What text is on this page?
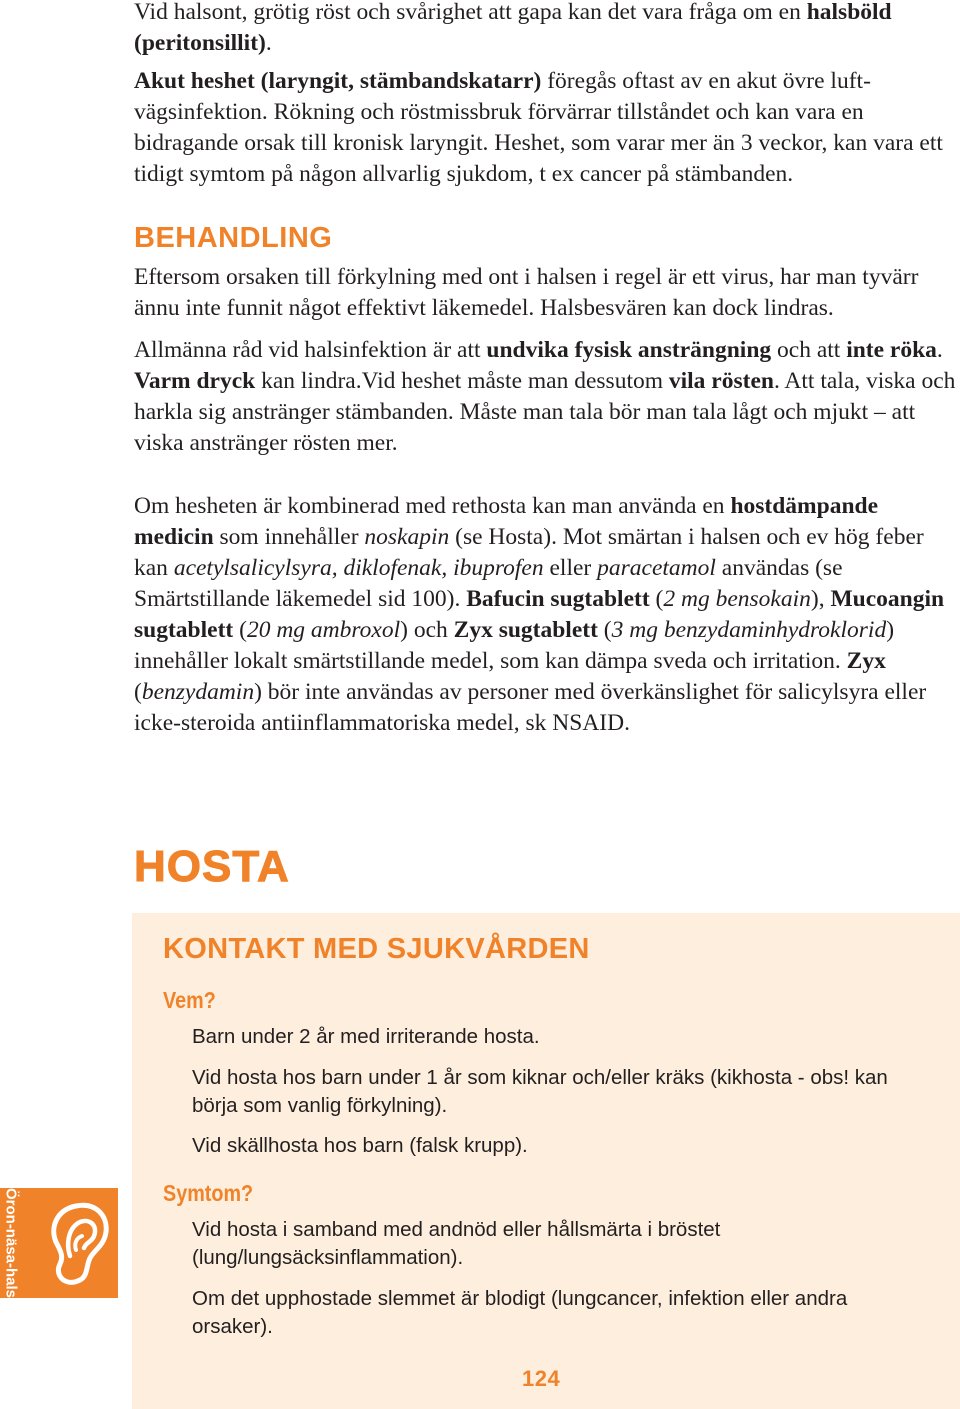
Vid halsont, grötig röst och svårighet att gapa kan det vara fråga om en halsböld (peritonsillit).

Akut heshet (laryngit, stämbandskatarr) föregås oftast av en akut övre luftvägsinfektion. Rökning och röstmissbruk förvärrar tillståndet och kan vara en bidragande orsak till kronisk laryngit. Heshet, som varar mer än 3 veckor, kan vara ett tidigt symtom på någon allvarlig sjukdom, t ex cancer på stämbanden.

BEHANDLING

Eftersom orsaken till förkylning med ont i halsen i regel är ett virus, har man tyvärr ännu inte funnit något effektivt läkemedel. Halsbesvären kan dock lindras.

Allmänna råd vid halsinfektion är att undvika fysisk ansträngning och att inte röka. Varm dryck kan lindra.Vid heshet måste man dessutom vila rösten. Att tala, viska och harkla sig anstränger stämbanden. Måste man tala bör man tala lågt och mjukt – att viska anstränger rösten mer.

Om hesheten är kombinerad med rethosta kan man använda en hostdämpande medicin som innehåller noskapin (se Hosta). Mot smärtan i halsen och ev hög feber kan acetylsalicylsyra, diklofenak, ibuprofen eller paracetamol användas (se Smärtstillande läkemedel sid 100). Bafucin sugtablett (2 mg bensokain), Mucoangin sugtablett (20 mg ambroxol) och Zyx sugtablett (3 mg benzydaminhydroklorid) innehåller lokalt smärtstillande medel, som kan dämpa sveda och irritation. Zyx (benzydamin) bör inte användas av personer med överkänslighet för salicylsyra eller icke-steroida antiinflammatoriska medel, sk NSAID.

HOSTA
KONTAKT MED SJUKVÅRDEN
Vem?
Barn under 2 år med irriterande hosta.
Vid hosta hos barn under 1 år som kiknar och/eller kräks (kikhosta - obs! kan börja som vanlig förkylning).
Vid skällhosta hos barn (falsk krupp).
Symtom?
Vid hosta i samband med andnöd eller hållsmärta i bröstet (lung/lungsäcksinflammation).
Om det upphostade slemmet är blodigt (lungcancer, infektion eller andra orsaker).
Öron-näsa-hals
124
